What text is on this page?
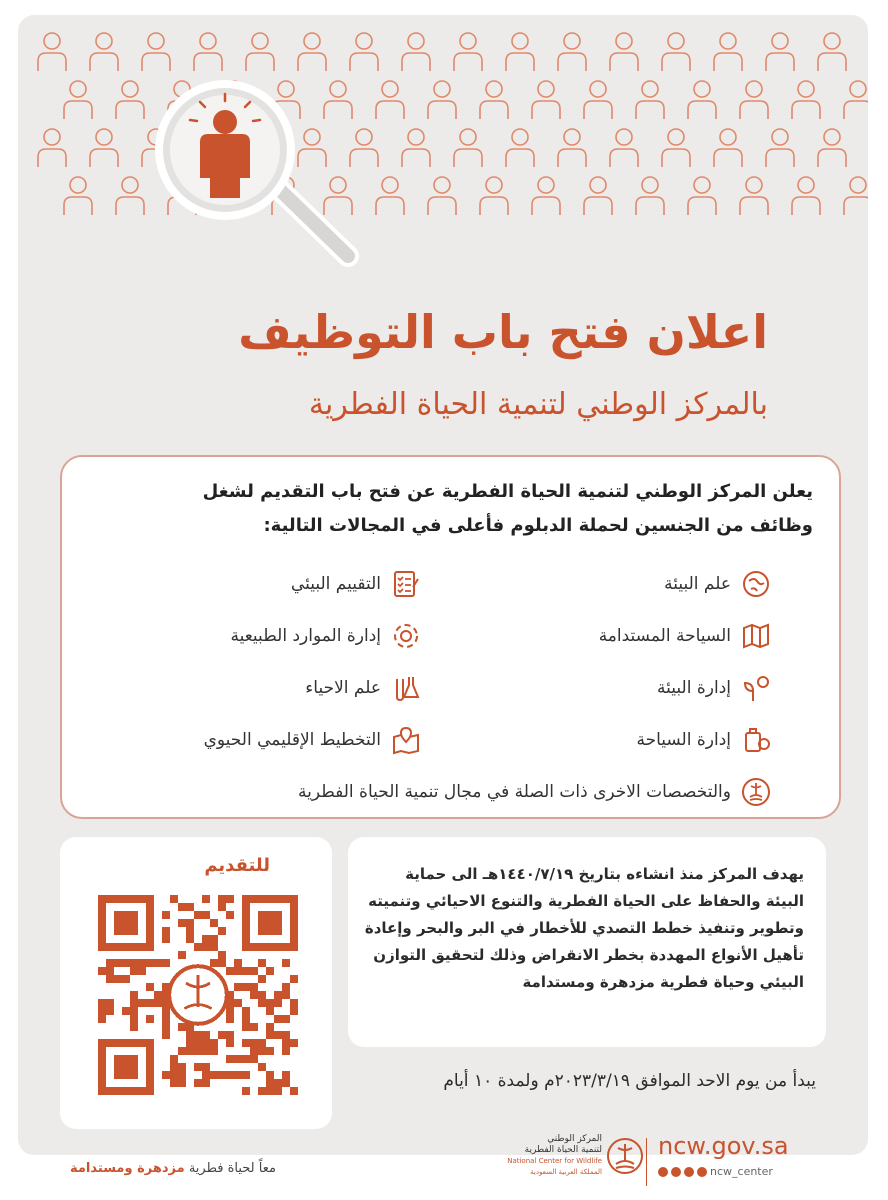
اعلان فتح باب التوظيف
بالمركز الوطني لتنمية الحياة الفطرية
يعلن المركز الوطني لتنمية الحياة الفطرية عن فتح باب التقديم لشغل
وظائف من الجنسين لحملة الدبلوم فأعلى في المجالات التالية:
علم البيئة
التقييم البيئي
السياحة المستدامة
إدارة الموارد الطبيعية
إدارة البيئة
علم الاحياء
إدارة السياحة
التخطيط الإقليمي الحيوي
والتخصصات الاخرى ذات الصلة في مجال تنمية الحياة الفطرية
يهدف المركز منذ انشاءه بتاريخ ١٤٤٠/٧/١٩هـ الى حماية البيئة والحفاظ على الحياة الفطرية والتنوع الاحيائي وتنميته وتطوير وتنفيذ خطط التصدي للأخطار في البر والبحر وإعادة تأهيل الأنواع المهددة بخطر الانقراض وذلك لتحقيق التوازن البيئي وحياة فطرية مزدهرة ومستدامة
للتقديم
يبدأ من يوم الاحد الموافق ٢٠٢٣/٣/١٩م ولمدة ١٠ أيام
معاً لحياة فطرية مزدهرة ومستدامة
المركز الوطني
لتنمية الحياة الفطرية
National Center for Wildlife
المملكة العربية السعودية
ncw.gov.sa
ncw_center
